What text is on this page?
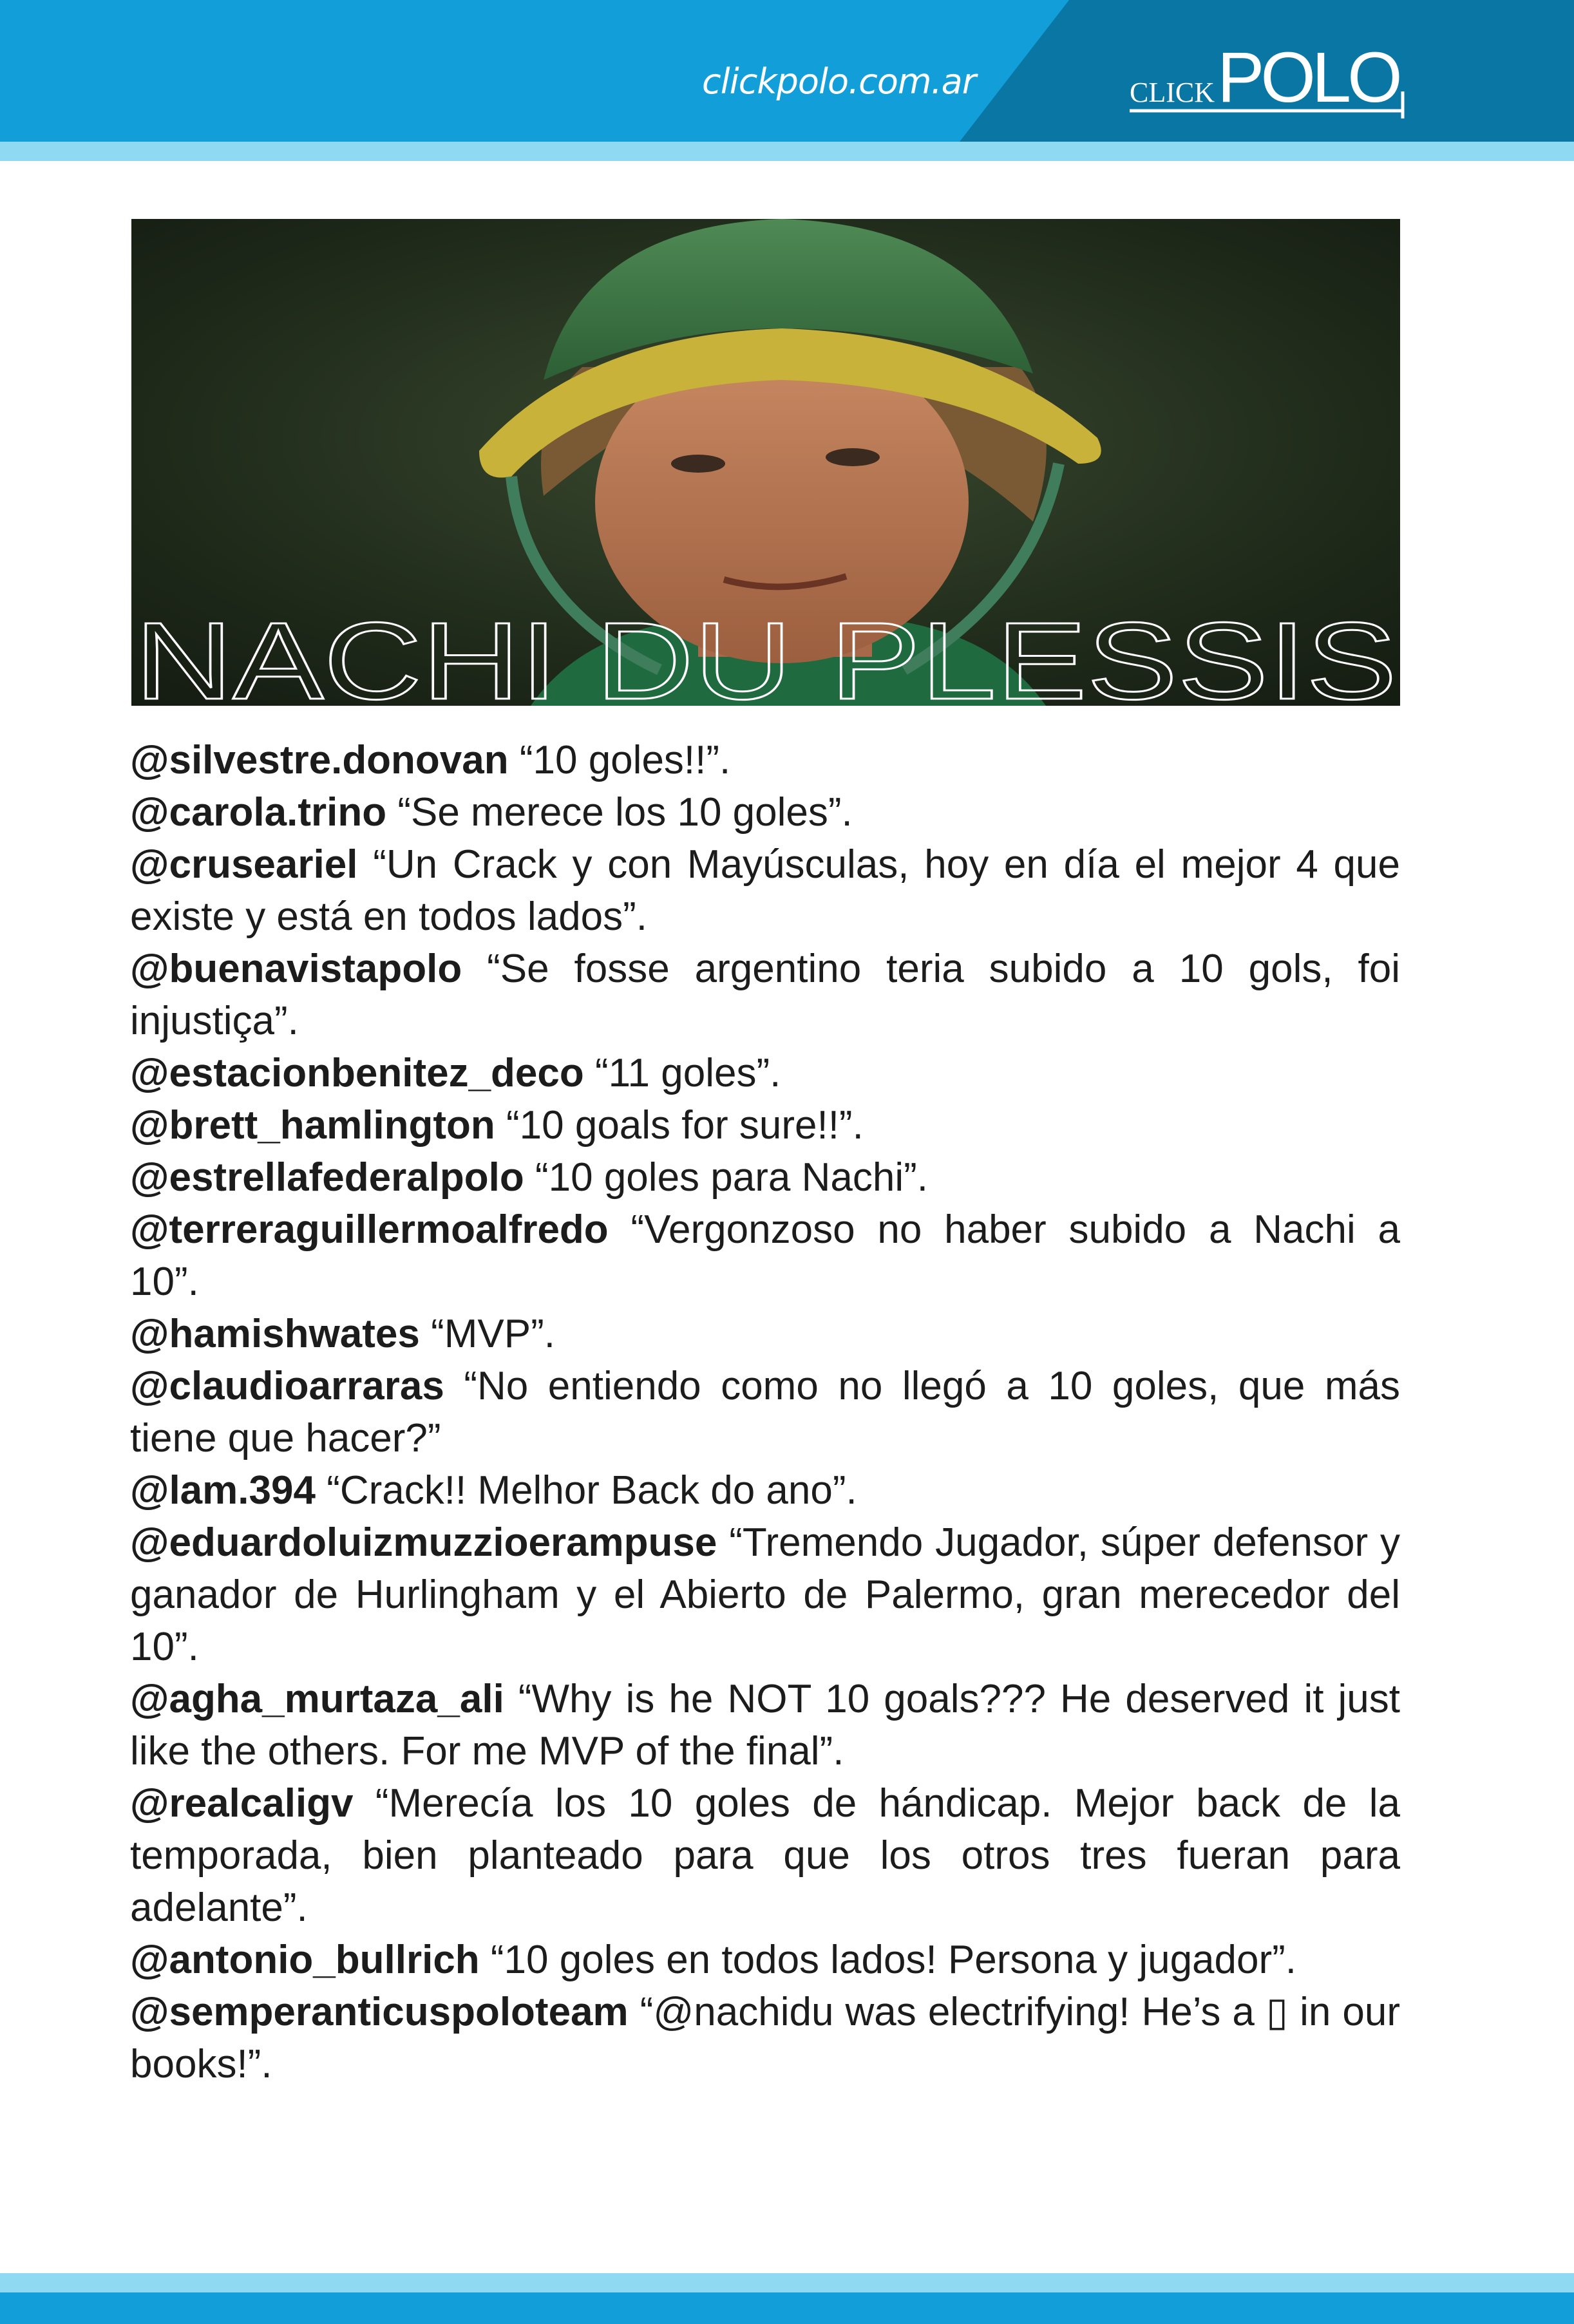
clickpolo.com.ar	CLICK POLO
NACHI DU PLESSIS

@silvestre.donovan “10 goles!!”.

@carola.trino “Se merece los 10 goles”.

@cruseariel “Un Crack y con Mayúsculas, hoy en día el mejor 4 que existe y está en todos lados”.

@buenavistapolo “Se fosse argentino teria subido a 10 gols, foi injustiça”.

@estacionbenitez_deco “11 goles”.

@brett_hamlington “10 goals for sure!!”.

@estrellafederalpolo “10 goles para Nachi”.

@terreraguillermoalfredo “Vergonzoso no haber subido a Nachi a 10”.

@hamishwates “MVP”.

@claudioarraras “No entiendo como no llegó a 10 goles, que más tiene que hacer?”

@lam.394 “Crack!! Melhor Back do ano”.

@eduardoluizmuzzioerampuse “Tremendo Jugador, súper defensor y ganador de Hurlingham y el Abierto de Palermo, gran merecedor del 10”.

@agha_murtaza_ali “Why is he NOT 10 goals??? He deserved it just like the others. For me MVP of the final”.

@realcaligv “Merecía los 10 goles de hándicap. Mejor back de la temporada, bien planteado para que los otros tres fueran para adelante”.

@antonio_bullrich “10 goles en todos lados! Persona y jugador”.

@semperanticuspoloteam “@nachidu was electrifying! He’s a ▯ in our books!”.
